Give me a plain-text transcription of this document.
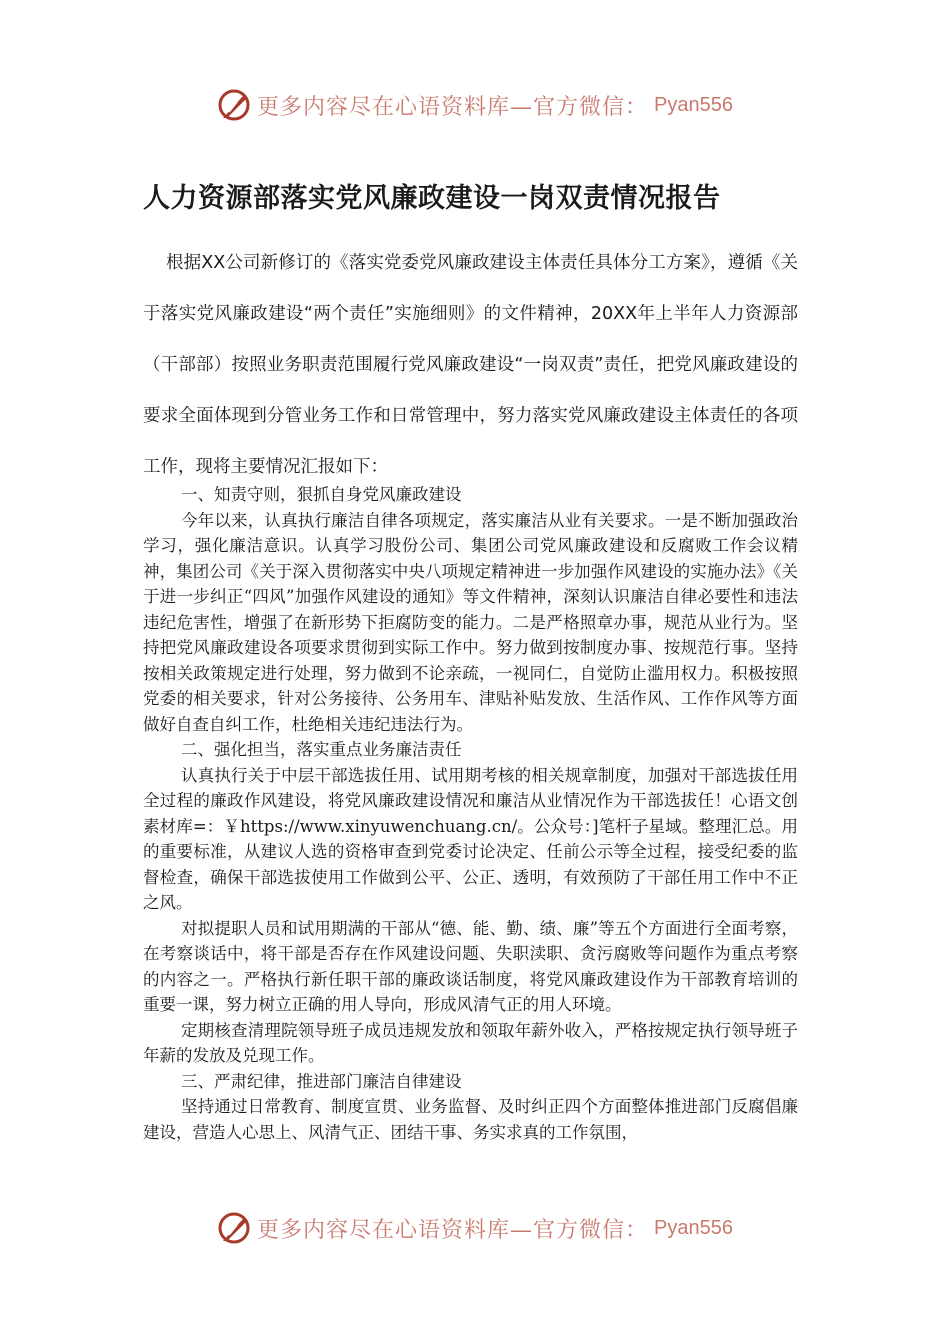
更多内容尽在心语资料库—官方微信： Pyan556
人力资源部落实党风廉政建设一岗双责情况报告

根据XX公司新修订的《落实党委党风廉政建设主体责任具体分工方案》，遵循《关于落实党风廉政建设“两个责任”实施细则》的文件精神，20XX年上半年人力资源部（干部部）按照业务职责范围履行党风廉政建设“一岗双责”责任，把党风廉政建设的要求全面体现到分管业务工作和日常管理中，努力落实党风廉政建设主体责任的各项工作，现将主要情况汇报如下：

一、知责守则，狠抓自身党风廉政建设

今年以来，认真执行廉洁自律各项规定，落实廉洁从业有关要求。一是不断加强政治学习，强化廉洁意识。认真学习股份公司、集团公司党风廉政建设和反腐败工作会议精神，集团公司《关于深入贯彻落实中央八项规定精神进一步加强作风建设的实施办法》《关于进一步纠正“四风”加强作风建设的通知》等文件精神，深刻认识廉洁自律必要性和违法违纪危害性，增强了在新形势下拒腐防变的能力。二是严格照章办事，规范从业行为。坚持把党风廉政建设各项要求贯彻到实际工作中。努力做到按制度办事、按规范行事。坚持按相关政策规定进行处理，努力做到不论亲疏，一视同仁，自觉防止滥用权力。积极按照党委的相关要求，针对公务接待、公务用车、津贴补贴发放、生活作风、工作作风等方面做好自查自纠工作，杜绝相关违纪违法行为。

二、强化担当，落实重点业务廉洁责任

认真执行关于中层干部选拔任用、试用期考核的相关规章制度，加强对干部选拔任用全过程的廉政作风建设，将党风廉政建设情况和廉洁从业情况作为干部选拔任！心语文创素材库=：￥https://www.xinyuwenchuang.cn/。公众号：]笔杆子星域。整理汇总。用的重要标准，从建议人选的资格审查到党委讨论决定、任前公示等全过程，接受纪委的监督检查，确保干部选拔使用工作做到公平、公正、透明，有效预防了干部任用工作中不正之风。

对拟提职人员和试用期满的干部从“德、能、勤、绩、廉”等五个方面进行全面考察，在考察谈话中，将干部是否存在作风建设问题、失职渎职、贪污腐败等问题作为重点考察的内容之一。严格执行新任职干部的廉政谈话制度，将党风廉政建设作为干部教育培训的重要一课，努力树立正确的用人导向，形成风清气正的用人环境。

定期核查清理院领导班子成员违规发放和领取年薪外收入，严格按规定执行领导班子年薪的发放及兑现工作。

三、严肃纪律，推进部门廉洁自律建设

坚持通过日常教育、制度宣贯、业务监督、及时纠正四个方面整体推进部门反腐倡廉建设，营造人心思上、风清气正、团结干事、务实求真的工作氛围，

更多内容尽在心语资料库—官方微信： Pyan556
